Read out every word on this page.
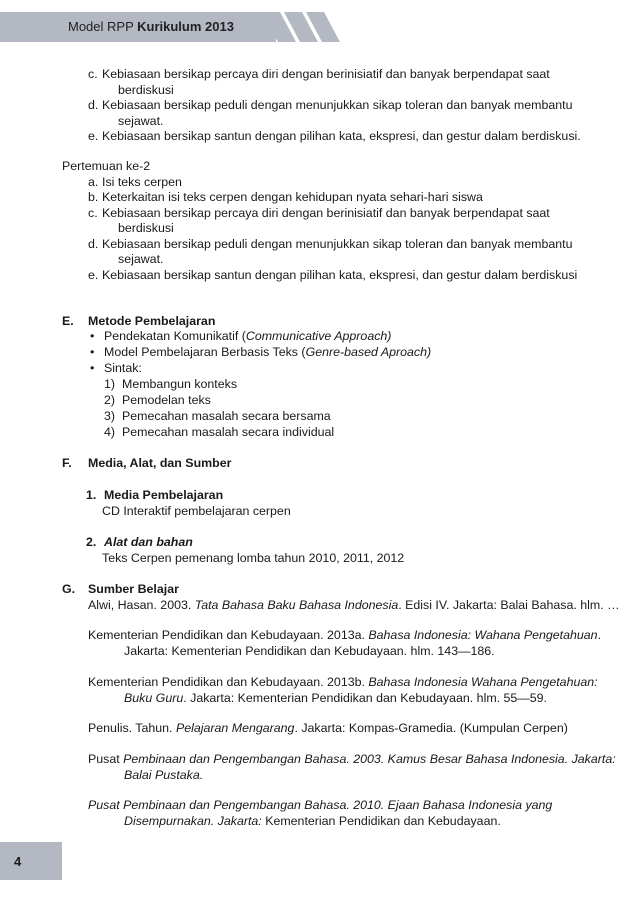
Model RPP Kurikulum 2013
c. Kebiasaan bersikap percaya diri dengan berinisiatif dan banyak berpendapat saat
berdiskusi
d. Kebiasaan bersikap peduli dengan menunjukkan sikap toleran dan banyak membantu
sejawat.
e. Kebiasaan bersikap santun dengan pilihan kata, ekspresi, dan gestur dalam berdiskusi.
Pertemuan ke-2
a. Isi teks cerpen
b. Keterkaitan isi teks cerpen dengan kehidupan nyata sehari-hari siswa
c. Kebiasaan bersikap percaya diri dengan berinisiatif dan banyak berpendapat saat
berdiskusi
d. Kebiasaan bersikap peduli dengan menunjukkan sikap toleran dan banyak membantu
sejawat.
e. Kebiasaan bersikap santun dengan pilihan kata, ekspresi, dan gestur dalam berdiskusi
E. Metode Pembelajaran
• Pendekatan Komunikatif (Communicative Approach)
• Model Pembelajaran Berbasis Teks (Genre-based Aproach)
• Sintak:
1) Membangun konteks
2) Pemodelan teks
3) Pemecahan masalah secara bersama
4) Pemecahan masalah secara individual
F. Media, Alat, dan Sumber
1. Media Pembelajaran
CD Interaktif pembelajaran cerpen
2. Alat dan bahan
Teks Cerpen pemenang lomba tahun 2010, 2011, 2012
G. Sumber Belajar
Alwi, Hasan. 2003. Tata Bahasa Baku Bahasa Indonesia. Edisi IV. Jakarta: Balai Bahasa. hlm. …
Kementerian Pendidikan dan Kebudayaan. 2013a. Bahasa Indonesia: Wahana Pengetahuan.
Jakarta: Kementerian Pendidikan dan Kebudayaan. hlm. 143—186.
Kementerian Pendidikan dan Kebudayaan. 2013b. Bahasa Indonesia Wahana Pengetahuan:
Buku Guru. Jakarta: Kementerian Pendidikan dan Kebudayaan. hlm. 55—59.
Penulis. Tahun. Pelajaran Mengarang. Jakarta: Kompas-Gramedia. (Kumpulan Cerpen)
Pusat Pembinaan dan Pengembangan Bahasa. 2003. Kamus Besar Bahasa Indonesia. Jakarta:
Balai Pustaka.
Pusat Pembinaan dan Pengembangan Bahasa. 2010. Ejaan Bahasa Indonesia yang
Disempurnakan. Jakarta: Kementerian Pendidikan dan Kebudayaan.
4
